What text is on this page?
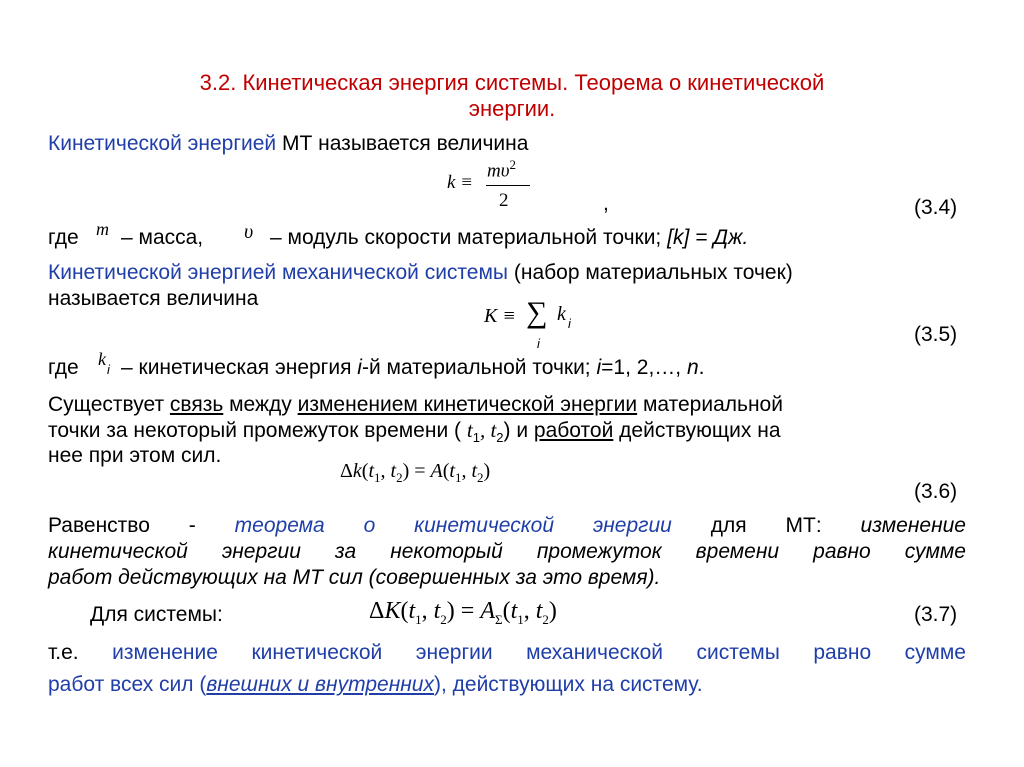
3.2. Кинетическая энергия системы. Теорема о кинетической
энергии.
Кинетической энергией МТ называется величина
k ≡
$m\upsilon^2$
2	,	(3.4)
где m – масса, υ – модуль скорости материальной точки; [k] = Дж.
Кинетической энергией механической системы (набор материальных точек)
называется величина
K ≡ ∑
i
k i	(3.5)
где k
i – кинетическая энергия i-й материальной точки; i=1, 2,…, n.
Существует связь между изменением кинетической энергии материальной
точки за некоторый промежуток времени ( $t_1$, $t_2$) и работой действующих на
нее при этом сил.
$\Delta k(t_1$, $t_2) = A(t_1$, $t_2$)
(3.6)
Равенство - теорема о кинетической энергии для МТ: изменение
кинетической энергии за некоторый промежуток времени равно сумме
работ действующих на МТ сил (совершенных за это время).
Для системы:	$\Delta K(t_1$, $t_2) = A_\Sigma(t_1$, $t_2$)	(3.7)
т.е. изменение кинетической энергии механической системы равно сумме
работ всех сил (внешних и внутренних), действующих на систему.
